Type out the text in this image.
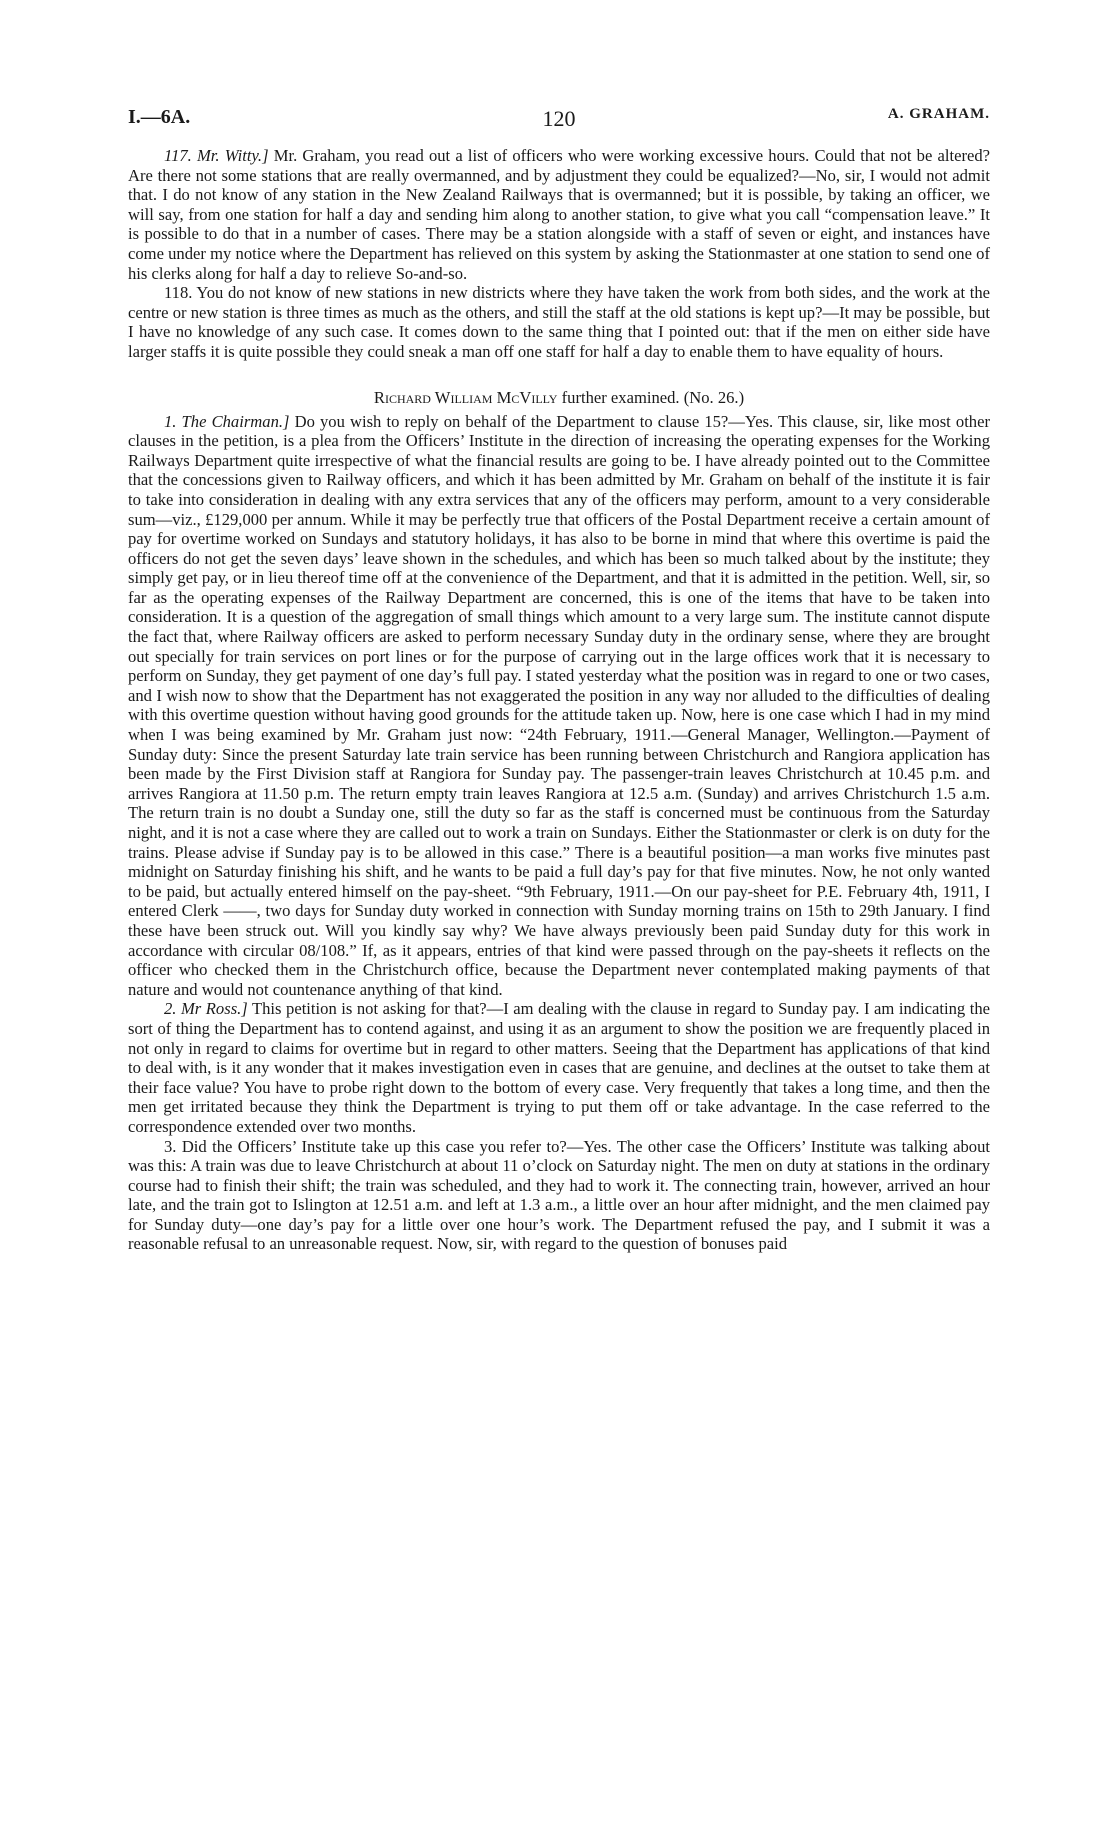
I.—6A.	120	A. GRAHAM.

117. Mr. Witty.] Mr. Graham, you read out a list of officers who were working excessive hours. Could that not be altered? Are there not some stations that are really overmanned, and by adjustment they could be equalized?—No, sir, I would not admit that. I do not know of any station in the New Zealand Railways that is overmanned; but it is possible, by taking an officer, we will say, from one station for half a day and sending him along to another station, to give what you call “compensation leave.” It is possible to do that in a number of cases. There may be a station alongside with a staff of seven or eight, and instances have come under my notice where the Department has relieved on this system by asking the Stationmaster at one station to send one of his clerks along for half a day to relieve So-and-so.

118. You do not know of new stations in new districts where they have taken the work from both sides, and the work at the centre or new station is three times as much as the others, and still the staff at the old stations is kept up?—It may be possible, but I have no knowledge of any such case. It comes down to the same thing that I pointed out: that if the men on either side have larger staffs it is quite possible they could sneak a man off one staff for half a day to enable them to have equality of hours.

Richard William McVilly further examined. (No. 26.)

1. The Chairman.] Do you wish to reply on behalf of the Department to clause 15?—Yes. This clause, sir, like most other clauses in the petition, is a plea from the Officers’ Institute in the direction of increasing the operating expenses for the Working Railways Department quite irrespective of what the financial results are going to be. I have already pointed out to the Committee that the concessions given to Railway officers, and which it has been admitted by Mr. Graham on behalf of the institute it is fair to take into consideration in dealing with any extra services that any of the officers may perform, amount to a very considerable sum—viz., £129,000 per annum. While it may be perfectly true that officers of the Postal Department receive a certain amount of pay for overtime worked on Sundays and statutory holidays, it has also to be borne in mind that where this overtime is paid the officers do not get the seven days’ leave shown in the schedules, and which has been so much talked about by the institute; they simply get pay, or in lieu thereof time off at the convenience of the Department, and that it is admitted in the petition. Well, sir, so far as the operating expenses of the Railway Department are concerned, this is one of the items that have to be taken into consideration. It is a question of the aggregation of small things which amount to a very large sum. The institute cannot dispute the fact that, where Railway officers are asked to perform necessary Sunday duty in the ordinary sense, where they are brought out specially for train services on port lines or for the purpose of carrying out in the large offices work that it is necessary to perform on Sunday, they get payment of one day’s full pay. I stated yesterday what the position was in regard to one or two cases, and I wish now to show that the Department has not exaggerated the position in any way nor alluded to the difficulties of dealing with this overtime question without having good grounds for the attitude taken up. Now, here is one case which I had in my mind when I was being examined by Mr. Graham just now: “24th February, 1911.—General Manager, Wellington.—Payment of Sunday duty: Since the present Saturday late train service has been running between Christchurch and Rangiora application has been made by the First Division staff at Rangiora for Sunday pay. The passenger-train leaves Christchurch at 10.45 p.m. and arrives Rangiora at 11.50 p.m. The return empty train leaves Rangiora at 12.5 a.m. (Sunday) and arrives Christchurch 1.5 a.m. The return train is no doubt a Sunday one, still the duty so far as the staff is concerned must be continuous from the Saturday night, and it is not a case where they are called out to work a train on Sundays. Either the Stationmaster or clerk is on duty for the trains. Please advise if Sunday pay is to be allowed in this case.” There is a beautiful position—a man works five minutes past midnight on Saturday finishing his shift, and he wants to be paid a full day’s pay for that five minutes. Now, he not only wanted to be paid, but actually entered himself on the pay-sheet. “9th February, 1911.—On our pay-sheet for P.E. February 4th, 1911, I entered Clerk ——, two days for Sunday duty worked in connection with Sunday morning trains on 15th to 29th January. I find these have been struck out. Will you kindly say why? We have always previously been paid Sunday duty for this work in accordance with circular 08/108.” If, as it appears, entries of that kind were passed through on the pay-sheets it reflects on the officer who checked them in the Christchurch office, because the Department never contemplated making payments of that nature and would not countenance anything of that kind.

2. Mr Ross.] This petition is not asking for that?—I am dealing with the clause in regard to Sunday pay. I am indicating the sort of thing the Department has to contend against, and using it as an argument to show the position we are frequently placed in not only in regard to claims for overtime but in regard to other matters. Seeing that the Department has applications of that kind to deal with, is it any wonder that it makes investigation even in cases that are genuine, and declines at the outset to take them at their face value? You have to probe right down to the bottom of every case. Very frequently that takes a long time, and then the men get irritated because they think the Department is trying to put them off or take advantage. In the case referred to the correspondence extended over two months.

3. Did the Officers’ Institute take up this case you refer to?—Yes. The other case the Officers’ Institute was talking about was this: A train was due to leave Christchurch at about 11 o’clock on Saturday night. The men on duty at stations in the ordinary course had to finish their shift; the train was scheduled, and they had to work it. The connecting train, however, arrived an hour late, and the train got to Islington at 12.51 a.m. and left at 1.3 a.m., a little over an hour after midnight, and the men claimed pay for Sunday duty—one day’s pay for a little over one hour’s work. The Department refused the pay, and I submit it was a reasonable refusal to an unreasonable request. Now, sir, with regard to the question of bonuses paid
